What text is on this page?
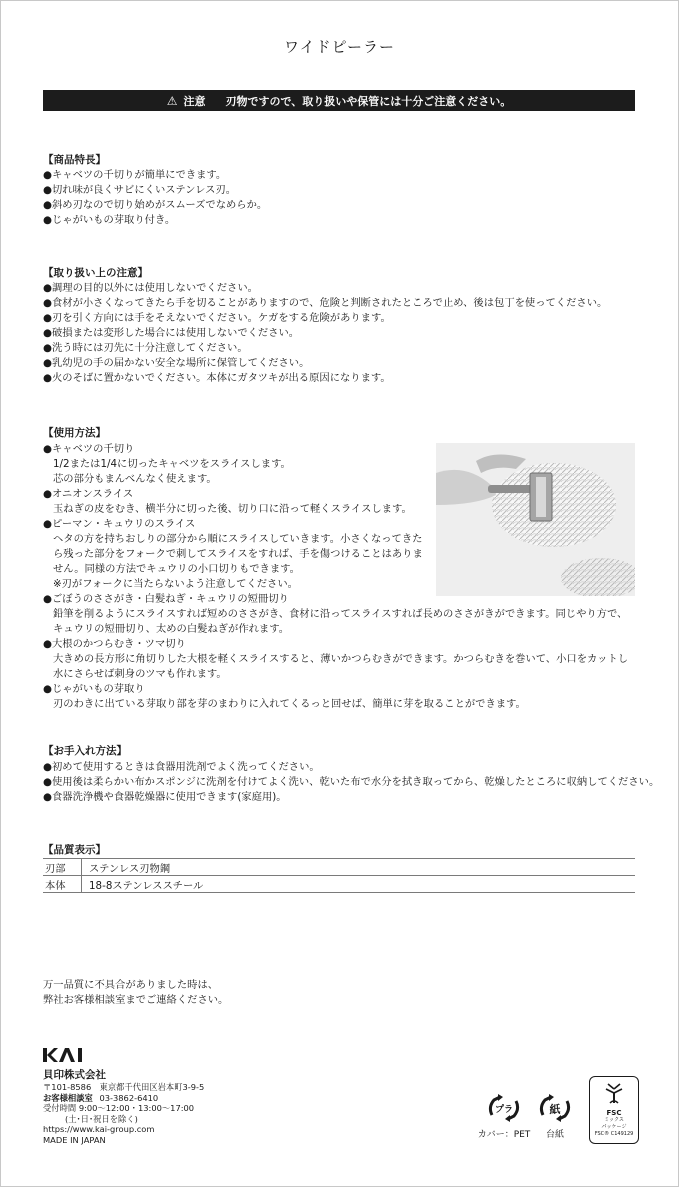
ワイドピーラー
⚠ 注意 刃物ですので、取り扱いや保管には十分ご注意ください。
【商品特長】
●キャベツの千切りが簡単にできます。
●切れ味が良くサビにくいステンレス刃。
●斜め刃なので切り始めがスムーズでなめらか。
●じゃがいもの芽取り付き。
【取り扱い上の注意】
●調理の目的以外には使用しないでください。
●食材が小さくなってきたら手を切ることがありますので、危険と判断されたところで止め、後は包丁を使ってください。
●刃を引く方向には手をそえないでください。ケガをする危険があります。
●破損または変形した場合には使用しないでください。
●洗う時には刃先に十分注意してください。
●乳幼児の手の届かない安全な場所に保管してください。
●火のそばに置かないでください。本体にガタツキが出る原因になります。
【使用方法】
●キャベツの千切り
1/2または1/4に切ったキャベツをスライスします。
芯の部分もまんべんなく使えます。
●オニオンスライス
玉ねぎの皮をむき、横半分に切った後、切り口に沿って軽くスライスします。
●ピーマン・キュウリのスライス
ヘタの方を持ちおしりの部分から順にスライスしていきます。小さくなってきた
ら残った部分をフォークで刺してスライスをすれば、手を傷つけることはありま
せん。同様の方法でキュウリの小口切りもできます。
※刃がフォークに当たらないよう注意してください。
●ごぼうのささがき・白髪ねぎ・キュウリの短冊切り
鉛筆を削るようにスライスすれば短めのささがき、食材に沿ってスライスすれば長めのささがきができます。同じやり方で、
キュウリの短冊切り、太めの白髪ねぎが作れます。
●大根のかつらむき・ツマ切り
大きめの長方形に角切りした大根を軽くスライスすると、薄いかつらむきができます。かつらむきを巻いて、小口をカットし
水にさらせば刺身のツマも作れます。
●じゃがいもの芽取り
刃のわきに出ている芽取り部を芽のまわりに入れてくるっと回せば、簡単に芽を取ることができます。
【お手入れ方法】
●初めて使用するときは食器用洗剤でよく洗ってください。
●使用後は柔らかい布かスポンジに洗剤を付けてよく洗い、乾いた布で水分を拭き取ってから、乾燥したところに収納してください。
●食器洗浄機や食器乾燥器に使用できます(家庭用)。
【品質表示】
刃部	ステンレス刃物鋼
本体	18-8ステンレススチール
万一品質に不具合がありました時は、
弊社お客様相談室までご連絡ください。
貝印株式会社
〒101-8586　東京都千代田区岩本町3-9-5
お客様相談室 03-3862-6410
受付時間 9:00～12:00・13:00～17:00
(土･日･祝日を除く)
https://www.kai-group.com
MADE IN JAPAN
プラ
カバー：PET
紙
台紙
FSC
ミックス
パッケージ
FSC® C149129
